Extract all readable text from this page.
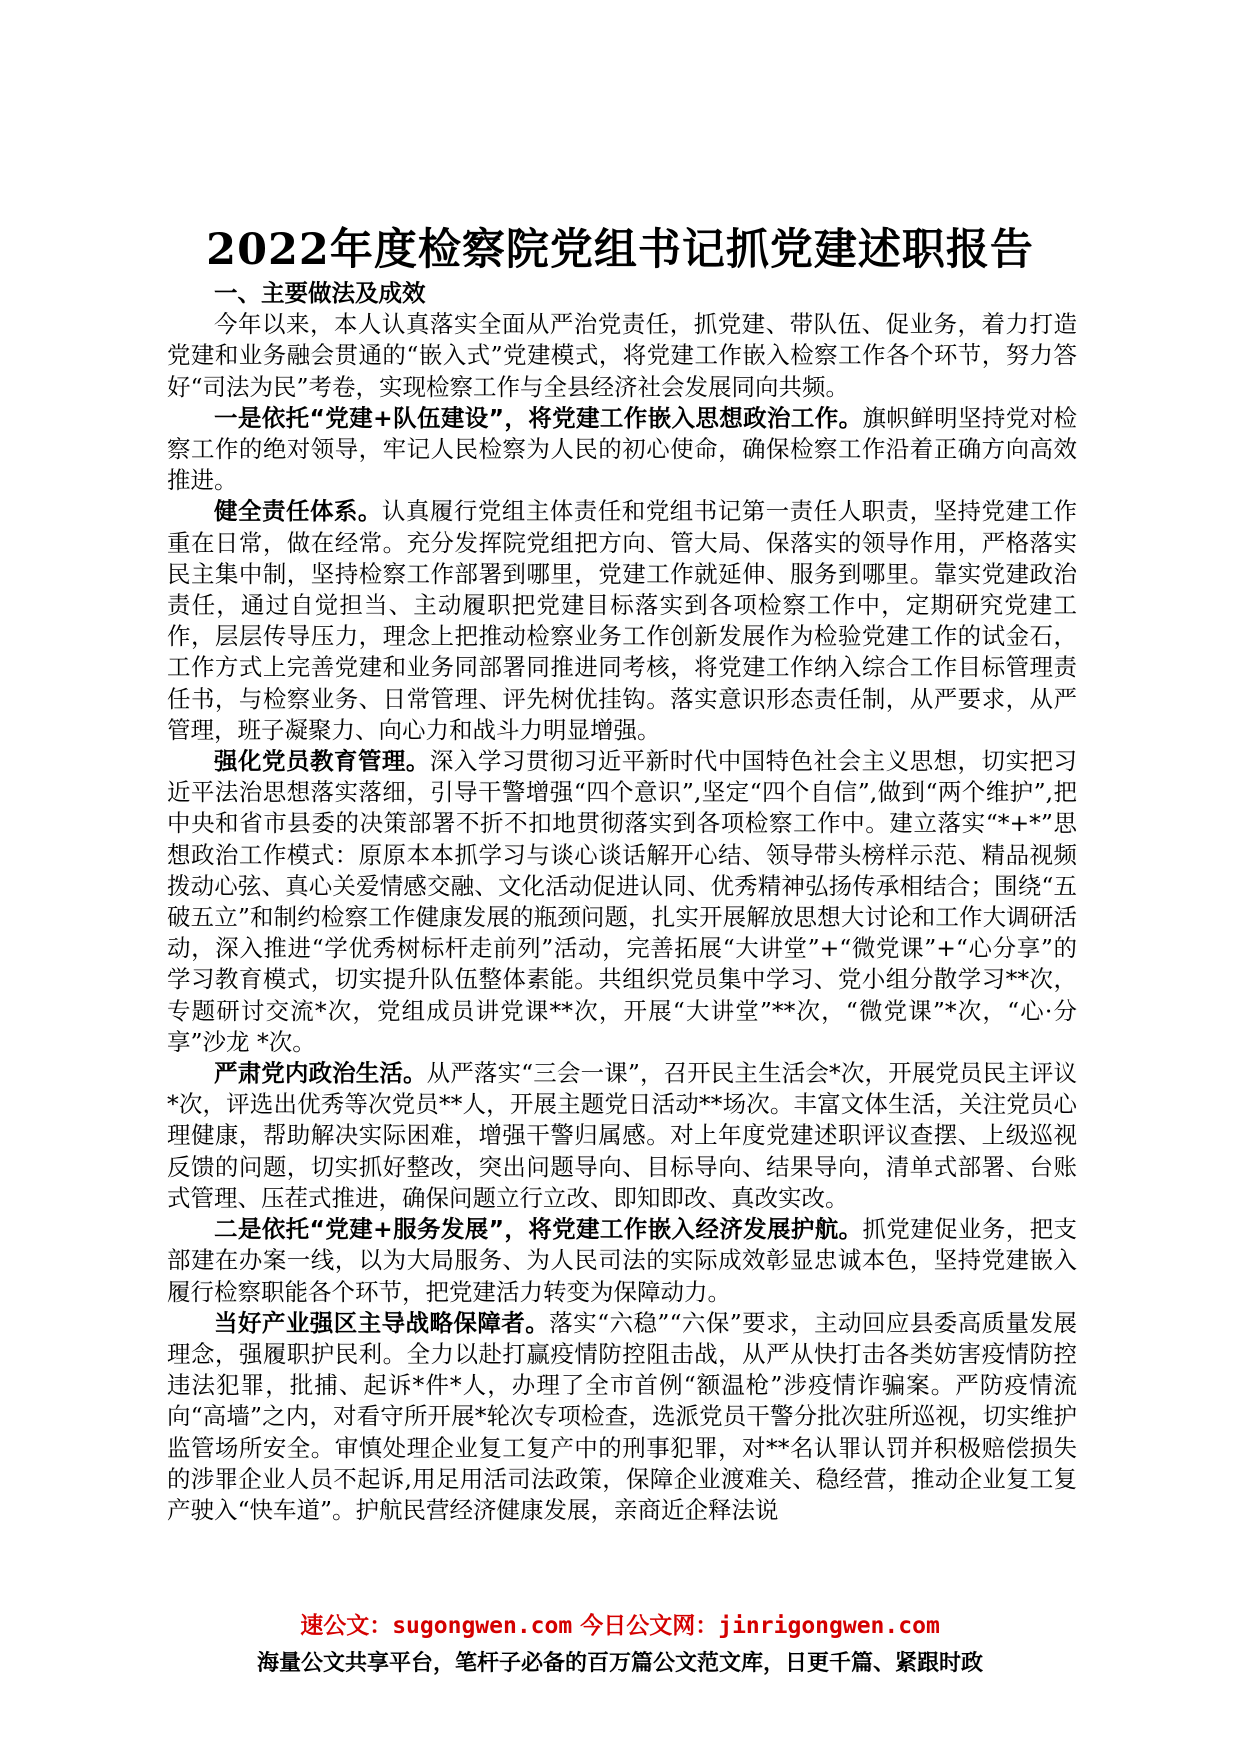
2022年度检察院党组书记抓党建述职报告
一、主要做法及成效

今年以来，本人认真落实全面从严治党责任，抓党建、带队伍、促业务，着力打造党建和业务融会贯通的“嵌入式”党建模式，将党建工作嵌入检察工作各个环节，努力答好“司法为民”考卷，实现检察工作与全县经济社会发展同向共频。

一是依托“党建+队伍建设”，将党建工作嵌入思想政治工作。旗帜鲜明坚持党对检察工作的绝对领导，牢记人民检察为人民的初心使命，确保检察工作沿着正确方向高效推进。

健全责任体系。认真履行党组主体责任和党组书记第一责任人职责，坚持党建工作重在日常，做在经常。充分发挥院党组把方向、管大局、保落实的领导作用，严格落实民主集中制，坚持检察工作部署到哪里，党建工作就延伸、服务到哪里。靠实党建政治责任，通过自觉担当、主动履职把党建目标落实到各项检察工作中，定期研究党建工作，层层传导压力，理念上把推动检察业务工作创新发展作为检验党建工作的试金石，工作方式上完善党建和业务同部署同推进同考核，将党建工作纳入综合工作目标管理责任书，与检察业务、日常管理、评先树优挂钩。落实意识形态责任制，从严要求，从严管理，班子凝聚力、向心力和战斗力明显增强。

强化党员教育管理。深入学习贯彻习近平新时代中国特色社会主义思想，切实把习近平法治思想落实落细，引导干警增强“四个意识”,坚定“四个自信”,做到“两个维护”,把中央和省市县委的决策部署不折不扣地贯彻落实到各项检察工作中。建立落实“*+*”思想政治工作模式：原原本本抓学习与谈心谈话解开心结、领导带头榜样示范、精品视频拨动心弦、真心关爱情感交融、文化活动促进认同、优秀精神弘扬传承相结合；围绕“五破五立”和制约检察工作健康发展的瓶颈问题，扎实开展解放思想大讨论和工作大调研活动，深入推进“学优秀树标杆走前列”活动，完善拓展“大讲堂”+“微党课”+“心分享”的学习教育模式，切实提升队伍整体素能。共组织党员集中学习、党小组分散学习**次，专题研讨交流*次，党组成员讲党课**次，开展“大讲堂”**次，“微党课”*次，“心·分享”沙龙 *次。

严肃党内政治生活。从严落实“三会一课”，召开民主生活会*次，开展党员民主评议*次，评选出优秀等次党员**人，开展主题党日活动**场次。丰富文体生活，关注党员心理健康，帮助解决实际困难，增强干警归属感。对上年度党建述职评议查摆、上级巡视反馈的问题，切实抓好整改，突出问题导向、目标导向、结果导向，清单式部署、台账式管理、压茬式推进，确保问题立行立改、即知即改、真改实改。

二是依托“党建+服务发展”，将党建工作嵌入经济发展护航。抓党建促业务，把支部建在办案一线，以为大局服务、为人民司法的实际成效彰显忠诚本色，坚持党建嵌入履行检察职能各个环节，把党建活力转变为保障动力。

当好产业强区主导战略保障者。落实“六稳”“六保”要求，主动回应县委高质量发展理念，强履职护民利。全力以赴打赢疫情防控阻击战，从严从快打击各类妨害疫情防控违法犯罪，批捕、起诉*件*人，办理了全市首例“额温枪”涉疫情诈骗案。严防疫情流向“高墙”之内，对看守所开展*轮次专项检查，选派党员干警分批次驻所巡视，切实维护监管场所安全。审慎处理企业复工复产中的刑事犯罪，对**名认罪认罚并积极赔偿损失的涉罪企业人员不起诉,用足用活司法政策，保障企业渡难关、稳经营，推动企业复工复产驶入“快车道”。护航民营经济健康发展，亲商近企释法说

速公文：sugongwen.com 今日公文网：jinrigongwen.com
海量公文共享平台，笔杆子必备的百万篇公文范文库，日更千篇、紧跟时政
